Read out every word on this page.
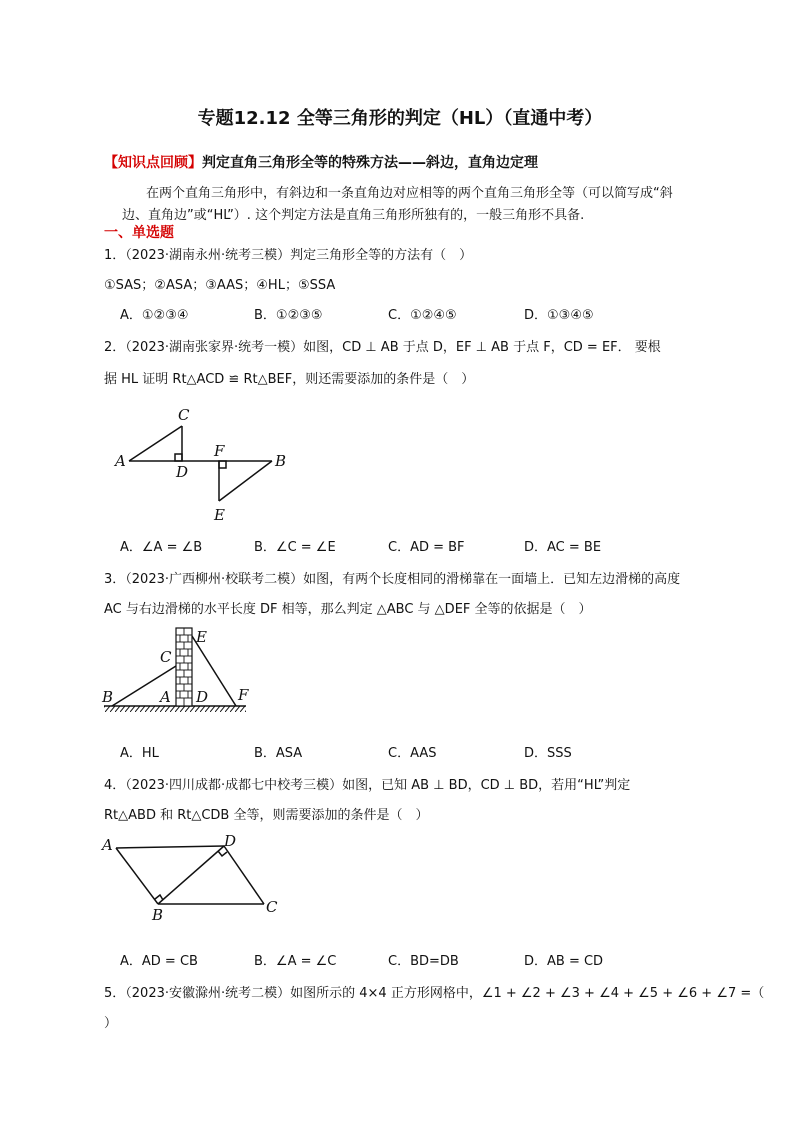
专题12.12 全等三角形的判定（HL）（直通中考）
【知识点回顾】判定直角三角形全等的特殊方法——斜边，直角边定理
在两个直角三角形中，有斜边和一条直角边对应相等的两个直角三角形全等（可以简写成“斜
边、直角边”或“HL”）. 这个判定方法是直角三角形所独有的，一般三角形不具备.
一、单选题
1．（2023·湖南永州·统考三模）判定三角形全等的方法有（　）
①SAS；②ASA；③AAS；④HL；⑤SSA
A．①②③④	B．①②③⑤	C．①②④⑤	D．①③④⑤
2．（2023·湖南张家界·统考一模）如图，CD ⊥ AB 于点 D，EF ⊥ AB 于点 F，CD = EF． 要根
据 HL 证明 Rt△ACD ≌ Rt△BEF，则还需要添加的条件是（　）
A	B
C
D
E
F
A．∠A = ∠B	B．∠C = ∠E	C．AD = BF	D．AC = BE
3．（2023·广西柳州·校联考二模）如图，有两个长度相同的滑梯靠在一面墙上．已知左边滑梯的高度
AC 与右边滑梯的水平长度 DF 相等，那么判定 △ABC 与 △DEF 全等的依据是（　）
B	A
C
E
D F
A．HL	B．ASA	C．AAS	D．SSS
4．（2023·四川成都·成都七中校考三模）如图，已知 AB ⊥ BD，CD ⊥ BD，若用“HL”判定
Rt△ABD 和 Rt△CDB 全等，则需要添加的条件是（　）
A	D
B	C
A．AD = CB	B．∠A = ∠C	C．BD=DB	D．AB = CD
5．（2023·安徽滁州·统考二模）如图所示的 4×4 正方形网格中，∠1 + ∠2 + ∠3 + ∠4 + ∠5 + ∠6 + ∠7 =（
）
